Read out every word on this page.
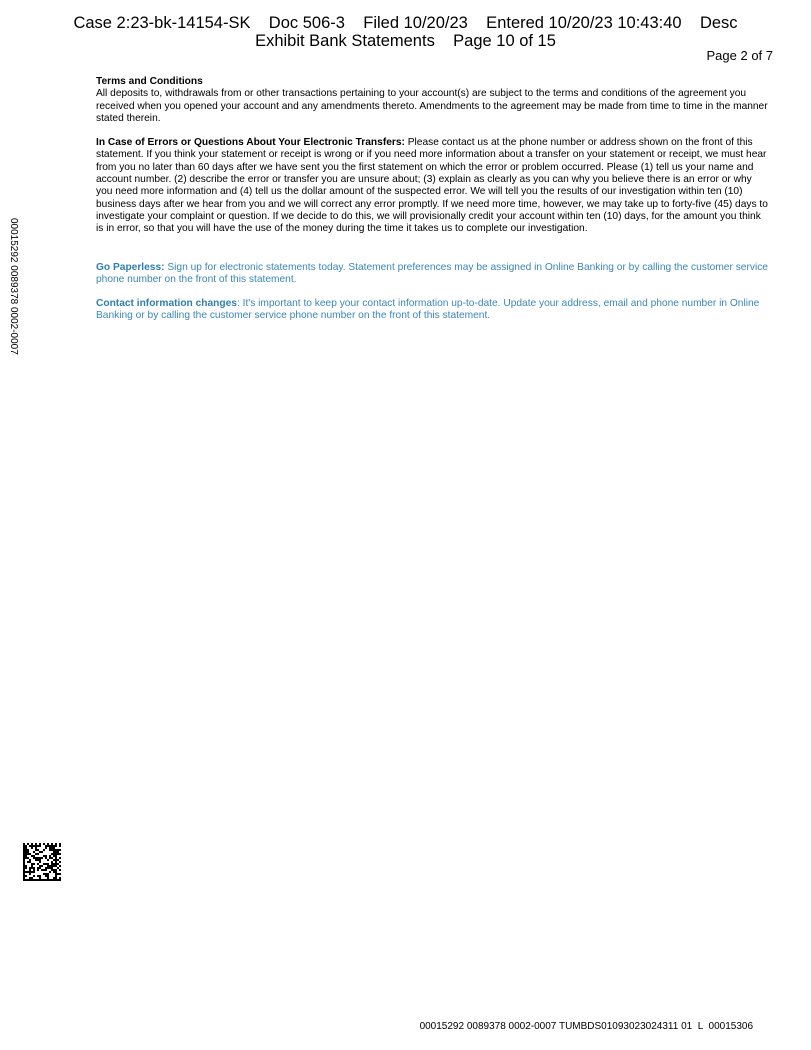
Case 2:23-bk-14154-SK    Doc 506-3    Filed 10/20/23    Entered 10/20/23 10:43:40    Desc
Exhibit Bank Statements    Page 10 of 15
Page 2 of 7
00015292 0089378 0002-0007

Terms and Conditions
All deposits to, withdrawals from or other transactions pertaining to your account(s) are subject to the terms and conditions of the agreement you received when you opened your account and any amendments thereto. Amendments to the agreement may be made from time to time in the manner stated therein.

In Case of Errors or Questions About Your Electronic Transfers: Please contact us at the phone number or address shown on the front of this statement. If you think your statement or receipt is wrong or if you need more information about a transfer on your statement or receipt, we must hear from you no later than 60 days after we have sent you the first statement on which the error or problem occurred. Please (1) tell us your name and account number. (2) describe the error or transfer you are unsure about; (3) explain as clearly as you can why you believe there is an error or why you need more information and (4) tell us the dollar amount of the suspected error. We will tell you the results of our investigation within ten (10) business days after we hear from you and we will correct any error promptly. If we need more time, however, we may take up to forty-five (45) days to investigate your complaint or question. If we decide to do this, we will provisionally credit your account within ten (10) days, for the amount you think is in error, so that you will have the use of the money during the time it takes us to complete our investigation.

Go Paperless: Sign up for electronic statements today. Statement preferences may be assigned in Online Banking or by calling the customer service phone number on the front of this statement.

Contact information changes: It's important to keep your contact information up-to-date. Update your address, email and phone number in Online Banking or by calling the customer service phone number on the front of this statement.

00015292 0089378 0002-0007 TUMBDS01093023024311 01  L  00015306
